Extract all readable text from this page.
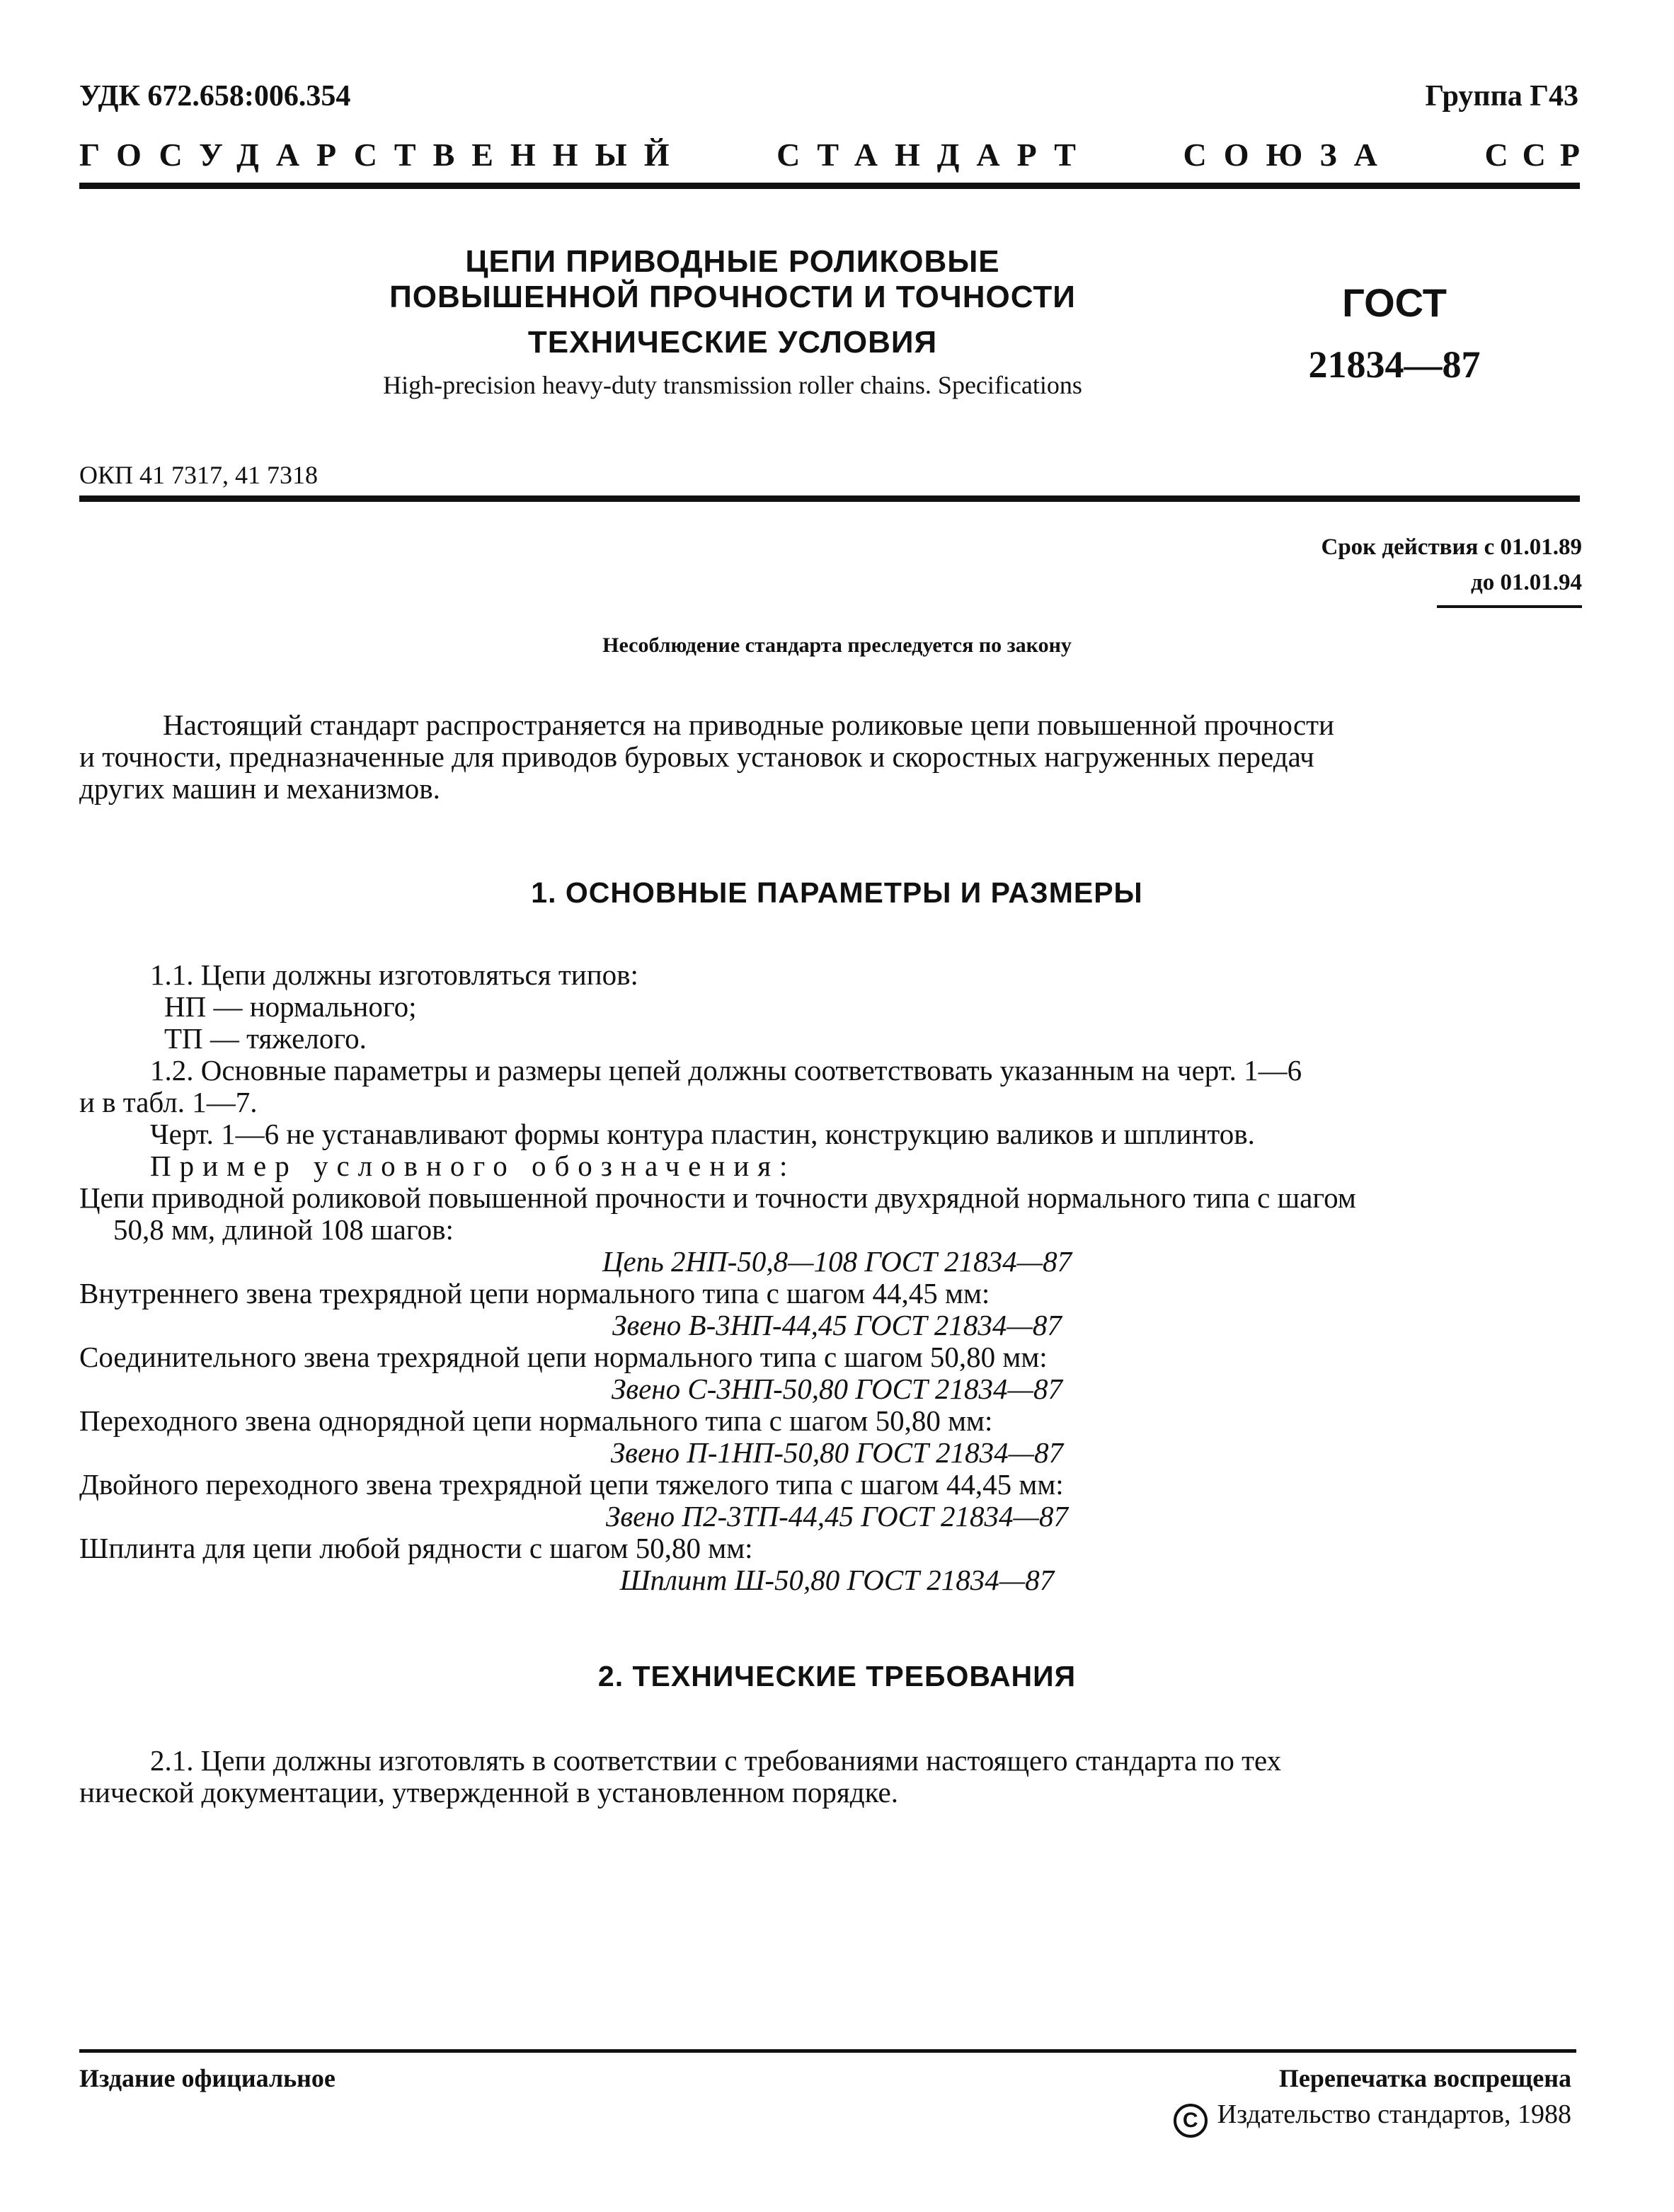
УДК 672.658:006.354	Группа Г43
ГОСУДАРСТВЕННЫЙ	СТАНДАРТ	СОЮЗА	ССР
ЦЕПИ ПРИВОДНЫЕ РОЛИКОВЫЕ
ПОВЫШЕННОЙ ПРОЧНОСТИ И ТОЧНОСТИ
ТЕХНИЧЕСКИЕ УСЛОВИЯ
High-precision heavy-duty transmission roller chains. Specifications
ГОСТ
21834—87
ОКП 41 7317, 41 7318
Срок действия с 01.01.89
до 01.01.94
Несоблюдение стандарта преследуется по закону
Настоящий стандарт распространяется на приводные роликовые цепи повышенной прочности
и точности, предназначенные для приводов буровых установок и скоростных нагруженных передач
других машин и механизмов.
1. ОСНОВНЫЕ ПАРАМЕТРЫ И РАЗМЕРЫ
1.1. Цепи должны изготовляться типов:
НП — нормального;
ТП — тяжелого.
1.2. Основные параметры и размеры цепей должны соответствовать указанным на черт. 1—6
и в табл. 1—7.
Черт. 1—6 не устанавливают формы контура пластин, конструкцию валиков и шплинтов.
Пример условного обозначения:
Цепи приводной роликовой повышенной прочности и точности двухрядной нормального типа с шагом
50,8 мм, длиной 108 шагов:
Цепь 2НП-50,8—108 ГОСТ 21834—87
Внутреннего звена трехрядной цепи нормального типа с шагом 44,45 мм:
Звено В-3НП-44,45 ГОСТ 21834—87
Соединительного звена трехрядной цепи нормального типа с шагом 50,80 мм:
Звено С-3НП-50,80 ГОСТ 21834—87
Переходного звена однорядной цепи нормального типа с шагом 50,80 мм:
Звено П-1НП-50,80 ГОСТ 21834—87
Двойного переходного звена трехрядной цепи тяжелого типа с шагом 44,45 мм:
Звено П2-3ТП-44,45 ГОСТ 21834—87
Шплинта для цепи любой рядности с шагом 50,80 мм:
Шплинт Ш-50,80 ГОСТ 21834—87
2. ТЕХНИЧЕСКИЕ ТРЕБОВАНИЯ
2.1. Цепи должны изготовлять в соответствии с требованиями настоящего стандарта по тех
нической документации, утвержденной в установленном порядке.
Издание официальное	Перепечатка воспрещена
C Издательство стандартов, 1988
